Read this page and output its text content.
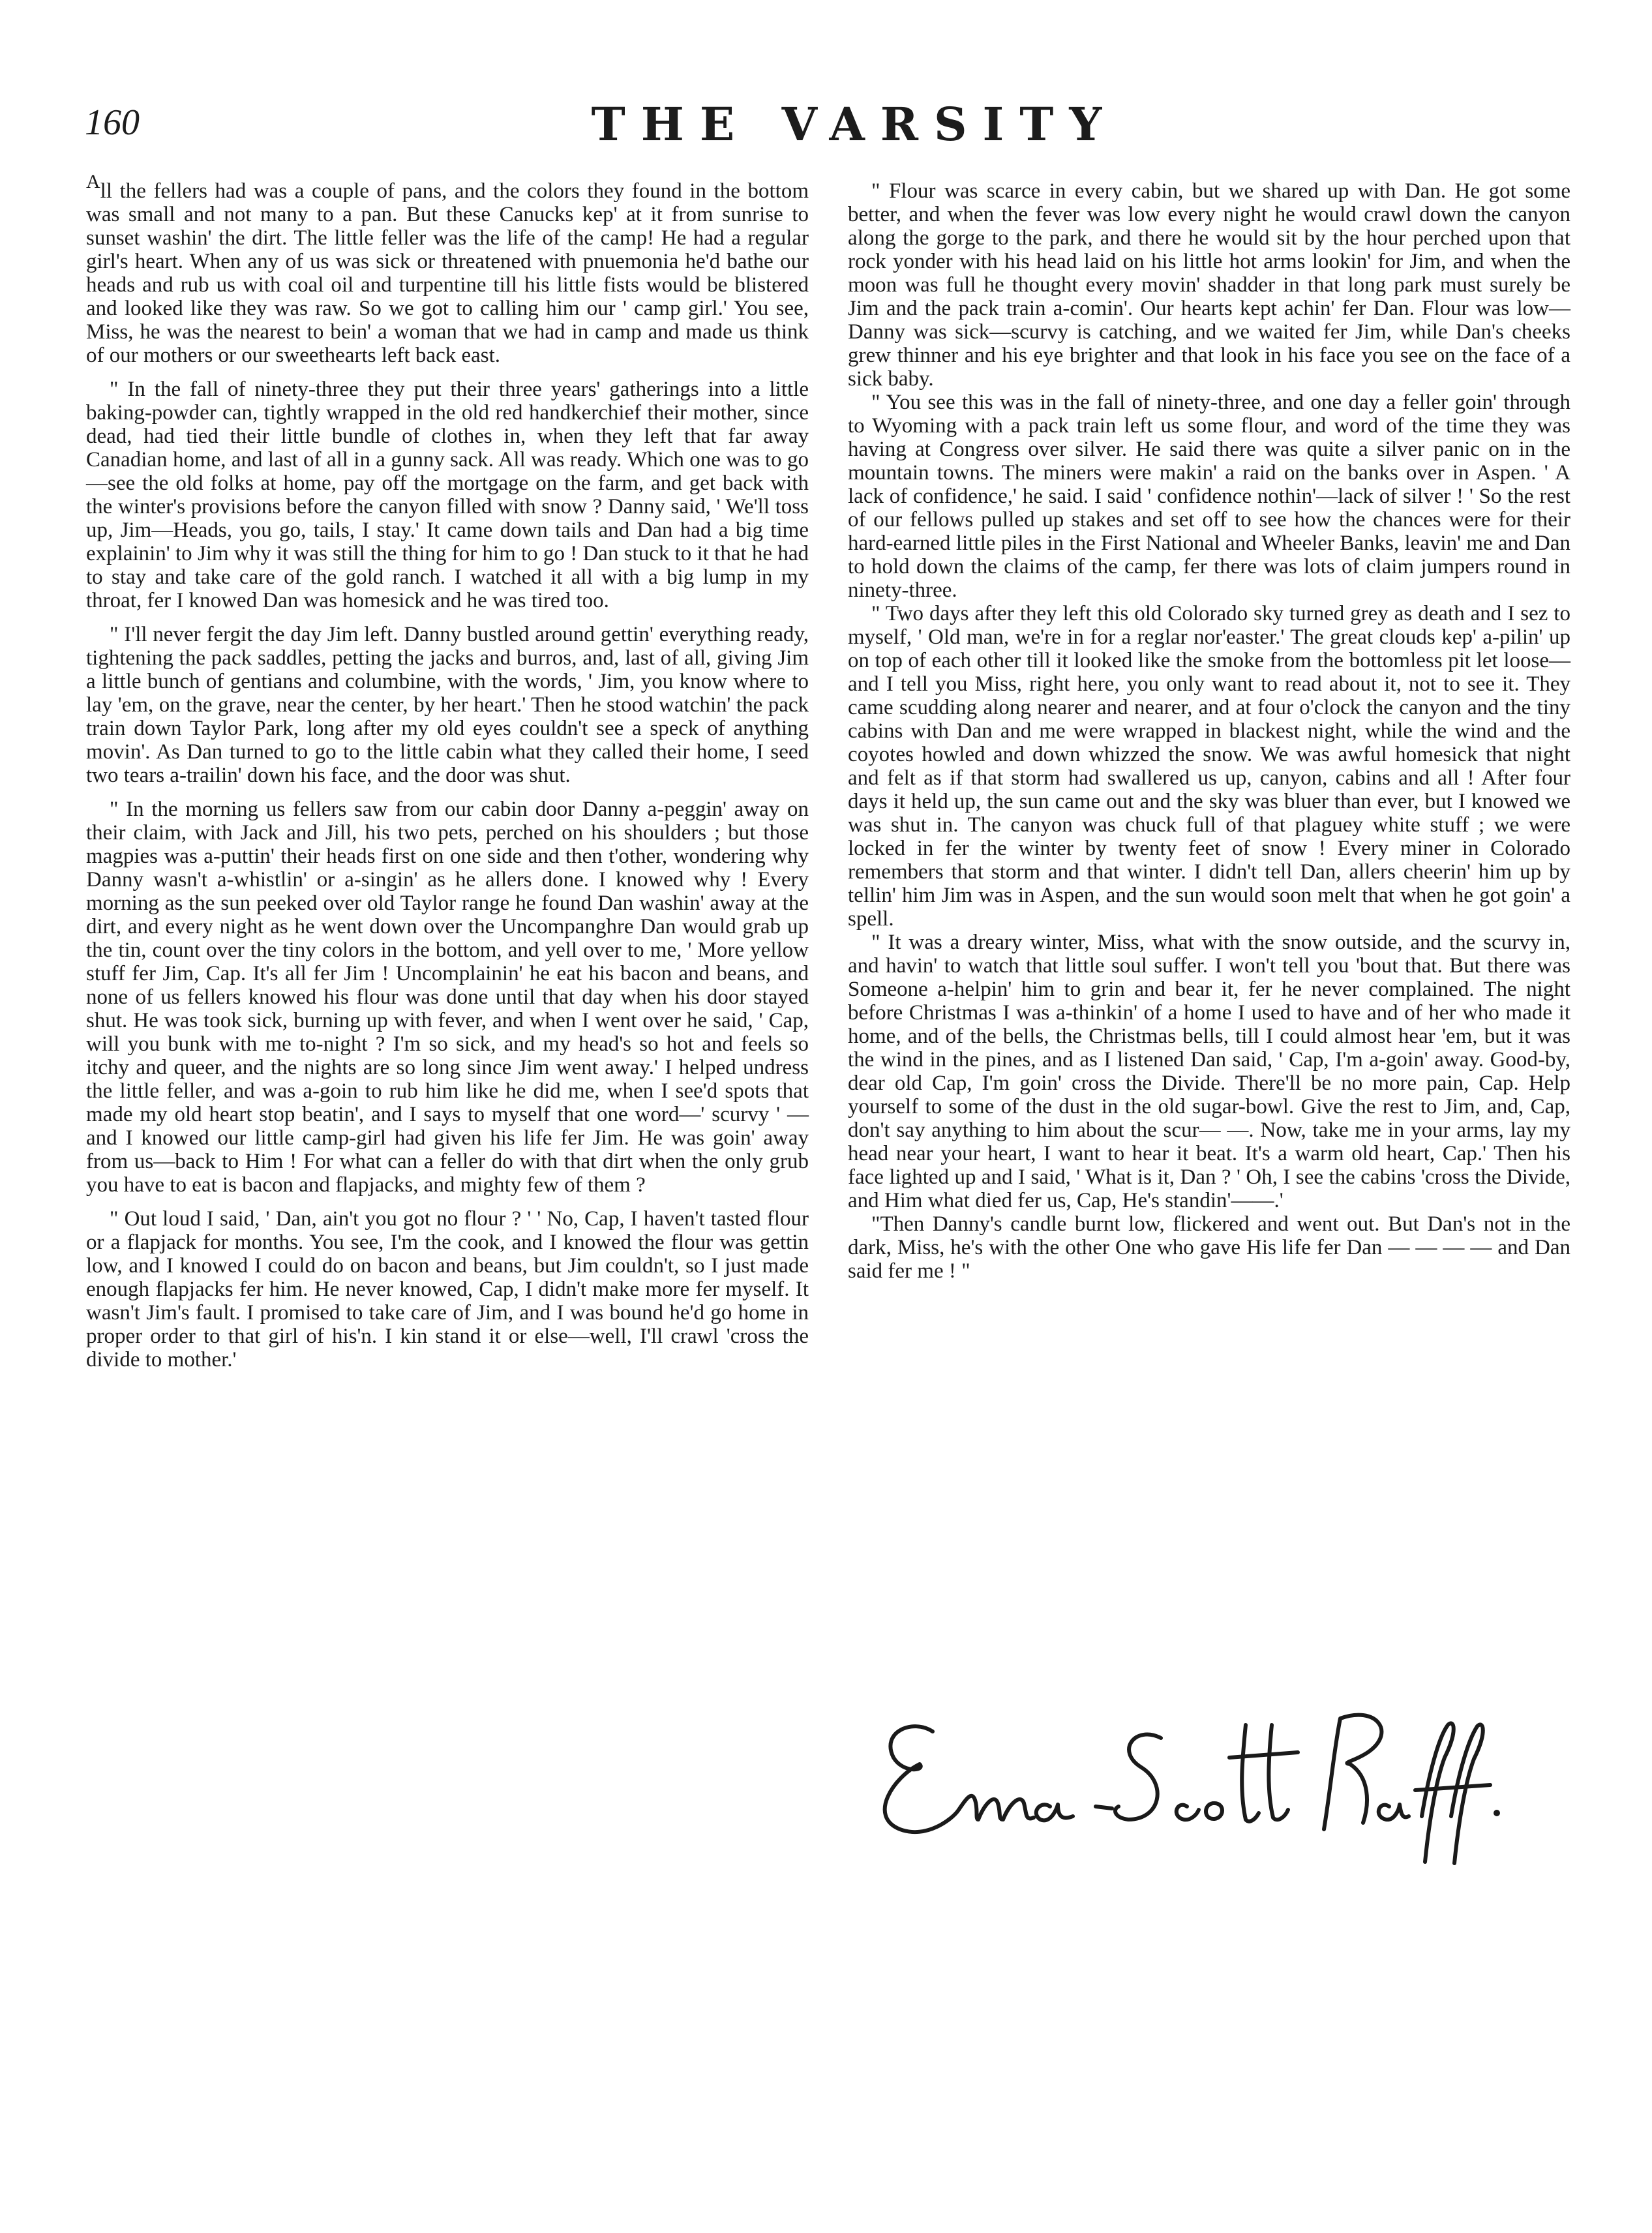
160	THE VARSITY

All the fellers had was a couple of pans, and the colors they found in the bottom was small and not many to a pan. But these Canucks kep' at it from sunrise to sunset washin' the dirt. The little feller was the life of the camp! He had a regular girl's heart. When any of us was sick or threatened with pnuemonia he'd bathe our heads and rub us with coal oil and turpentine till his little fists would be blistered and looked like they was raw. So we got to calling him our ' camp girl.' You see, Miss, he was the nearest to bein' a woman that we had in camp and made us think of our mothers or our sweethearts left back east.

" In the fall of ninety-three they put their three years' gatherings into a little baking-powder can, tightly wrapped in the old red handkerchief their mother, since dead, had tied their little bundle of clothes in, when they left that far away Canadian home, and last of all in a gunny sack. All was ready. Which one was to go—see the old folks at home, pay off the mortgage on the farm, and get back with the winter's provisions before the canyon filled with snow ? Danny said, ' We'll toss up, Jim—Heads, you go, tails, I stay.' It came down tails and Dan had a big time explainin' to Jim why it was still the thing for him to go ! Dan stuck to it that he had to stay and take care of the gold ranch. I watched it all with a big lump in my throat, fer I knowed Dan was homesick and he was tired too.

" I'll never fergit the day Jim left. Danny bustled around gettin' everything ready, tightening the pack saddles, petting the jacks and burros, and, last of all, giving Jim a little bunch of gentians and columbine, with the words, ' Jim, you know where to lay 'em, on the grave, near the center, by her heart.' Then he stood watchin' the pack train down Taylor Park, long after my old eyes couldn't see a speck of anything movin'. As Dan turned to go to the little cabin what they called their home, I seed two tears a-trailin' down his face, and the door was shut.

" In the morning us fellers saw from our cabin door Danny a-peggin' away on their claim, with Jack and Jill, his two pets, perched on his shoulders ; but those magpies was a-puttin' their heads first on one side and then t'other, wondering why Danny wasn't a-whistlin' or a-singin' as he allers done. I knowed why ! Every morning as the sun peeked over old Taylor range he found Dan washin' away at the dirt, and every night as he went down over the Uncompanghre Dan would grab up the tin, count over the tiny colors in the bottom, and yell over to me, ' More yellow stuff fer Jim, Cap. It's all fer Jim ! Uncomplainin' he eat his bacon and beans, and none of us fellers knowed his flour was done until that day when his door stayed shut. He was took sick, burning up with fever, and when I went over he said, ' Cap, will you bunk with me to-night ? I'm so sick, and my head's so hot and feels so itchy and queer, and the nights are so long since Jim went away.' I helped undress the little feller, and was a-goin to rub him like he did me, when I see'd spots that made my old heart stop beatin', and I says to myself that one word—' scurvy ' —and I knowed our little camp-girl had given his life fer Jim. He was goin' away from us—back to Him ! For what can a feller do with that dirt when the only grub you have to eat is bacon and flapjacks, and mighty few of them ?

" Out loud I said, ' Dan, ain't you got no flour ? ' ' No, Cap, I haven't tasted flour or a flapjack for months. You see, I'm the cook, and I knowed the flour was gettin low, and I knowed I could do on bacon and beans, but Jim couldn't, so I just made enough flapjacks fer him. He never knowed, Cap, I didn't make more fer myself. It wasn't Jim's fault. I promised to take care of Jim, and I was bound he'd go home in proper order to that girl of his'n. I kin stand it or else—well, I'll crawl 'cross the divide to mother.'

" Flour was scarce in every cabin, but we shared up with Dan. He got some better, and when the fever was low every night he would crawl down the canyon along the gorge to the park, and there he would sit by the hour perched upon that rock yonder with his head laid on his little hot arms lookin' for Jim, and when the moon was full he thought every movin' shadder in that long park must surely be Jim and the pack train a-comin'. Our hearts kept achin' fer Dan. Flour was low—Danny was sick—scurvy is catching, and we waited fer Jim, while Dan's cheeks grew thinner and his eye brighter and that look in his face you see on the face of a sick baby.

" You see this was in the fall of ninety-three, and one day a feller goin' through to Wyoming with a pack train left us some flour, and word of the time they was having at Congress over silver. He said there was quite a silver panic on in the mountain towns. The miners were makin' a raid on the banks over in Aspen. ' A lack of confidence,' he said. I said ' confidence nothin'—lack of silver ! ' So the rest of our fellows pulled up stakes and set off to see how the chances were for their hard-earned little piles in the First National and Wheeler Banks, leavin' me and Dan to hold down the claims of the camp, fer there was lots of claim jumpers round in ninety-three.

" Two days after they left this old Colorado sky turned grey as death and I sez to myself, ' Old man, we're in for a reglar nor'easter.' The great clouds kep' a-pilin' up on top of each other till it looked like the smoke from the bottomless pit let loose—and I tell you Miss, right here, you only want to read about it, not to see it. They came scudding along nearer and nearer, and at four o'clock the canyon and the tiny cabins with Dan and me were wrapped in blackest night, while the wind and the coyotes howled and down whizzed the snow. We was awful homesick that night and felt as if that storm had swallered us up, canyon, cabins and all ! After four days it held up, the sun came out and the sky was bluer than ever, but I knowed we was shut in. The canyon was chuck full of that plaguey white stuff ; we were locked in fer the winter by twenty feet of snow ! Every miner in Colorado remembers that storm and that winter. I didn't tell Dan, allers cheerin' him up by tellin' him Jim was in Aspen, and the sun would soon melt that when he got goin' a spell.

" It was a dreary winter, Miss, what with the snow outside, and the scurvy in, and havin' to watch that little soul suffer. I won't tell you 'bout that. But there was Someone a-helpin' him to grin and bear it, fer he never complained. The night before Christmas I was a-thinkin' of a home I used to have and of her who made it home, and of the bells, the Christmas bells, till I could almost hear 'em, but it was the wind in the pines, and as I listened Dan said, ' Cap, I'm a-goin' away. Good-by, dear old Cap, I'm goin' cross the Divide. There'll be no more pain, Cap. Help yourself to some of the dust in the old sugar-bowl. Give the rest to Jim, and, Cap, don't say anything to him about the scur— —. Now, take me in your arms, lay my head near your heart, I want to hear it beat. It's a warm old heart, Cap.' Then his face lighted up and I said, ' What is it, Dan ? ' Oh, I see the cabins 'cross the Divide, and Him what died fer us, Cap, He's standin'——.'

"Then Danny's candle burnt low, flickered and went out. But Dan's not in the dark, Miss, he's with the other One who gave His life fer Dan — — — — and Dan said fer me ! "
